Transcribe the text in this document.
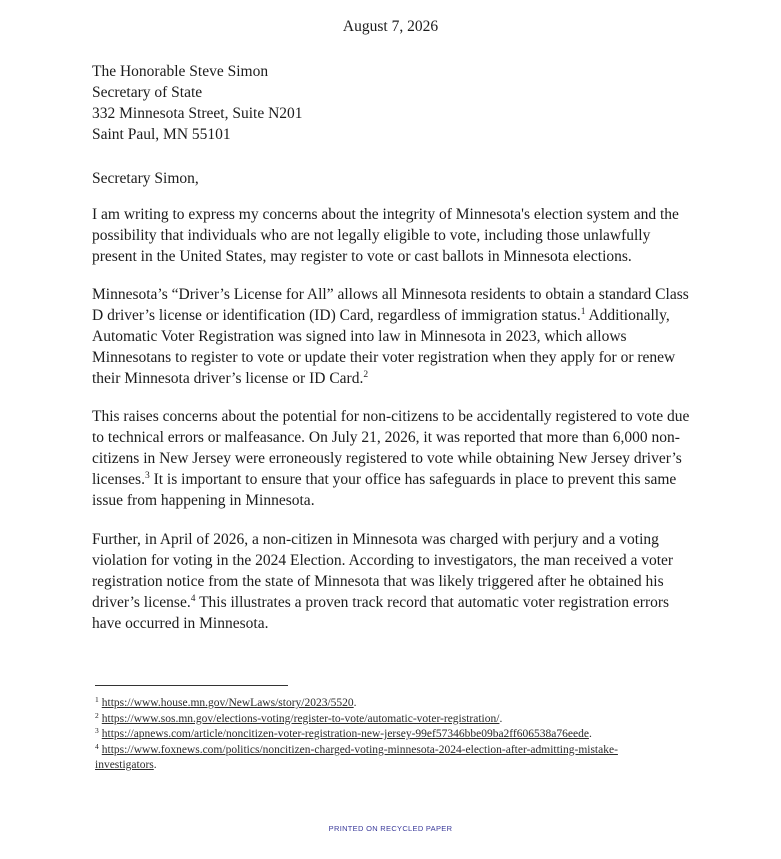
August 7, 2026
The Honorable Steve Simon
Secretary of State
332 Minnesota Street, Suite N201
Saint Paul, MN 55101
Secretary Simon,

I am writing to express my concerns about the integrity of Minnesota's election system and the
possibility that individuals who are not legally eligible to vote, including those unlawfully
present in the United States, may register to vote or cast ballots in Minnesota elections.

Minnesota’s “Driver’s License for All” allows all Minnesota residents to obtain a standard Class
D driver’s license or identification (ID) Card, regardless of immigration status.$^1$ Additionally,
Automatic Voter Registration was signed into law in Minnesota in 2023, which allows
Minnesotans to register to vote or update their voter registration when they apply for or renew
their Minnesota driver’s license or ID Card.$^2$

This raises concerns about the potential for non-citizens to be accidentally registered to vote due
to technical errors or malfeasance. On July 21, 2026, it was reported that more than 6,000 non-
citizens in New Jersey were erroneously registered to vote while obtaining New Jersey driver’s
licenses.$^3$ It is important to ensure that your office has safeguards in place to prevent this same
issue from happening in Minnesota.

Further, in April of 2026, a non-citizen in Minnesota was charged with perjury and a voting
violation for voting in the 2024 Election. According to investigators, the man received a voter
registration notice from the state of Minnesota that was likely triggered after he obtained his
driver’s license.$^4$ This illustrates a proven track record that automatic voter registration errors
have occurred in Minnesota.

$^1$ https://www.house.mn.gov/NewLaws/story/2023/5520.
$^2$ https://www.sos.mn.gov/elections-voting/register-to-vote/automatic-voter-registration/.
$^3$ https://apnews.com/article/noncitizen-voter-registration-new-jersey-99ef57346bbe09ba2ff606538a76eede.
$^4$ https://www.foxnews.com/politics/noncitizen-charged-voting-minnesota-2024-election-after-admitting-mistake-
investigators.
PRINTED ON RECYCLED PAPER
